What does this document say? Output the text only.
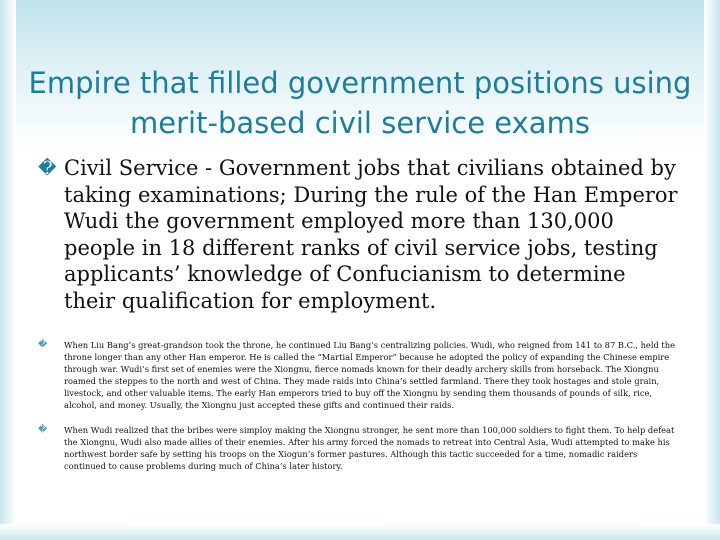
Empire that filled government positions using merit-based civil service exams
� Civil Service - Government jobs that civilians obtained by taking examinations; During the rule of the Han Emperor Wudi the government employed more than 130,000 people in 18 different ranks of civil service jobs, testing applicants’ knowledge of Confucianism to determine their qualification for employment.
�	When Liu Bang’s great-grandson took the throne, he continued Liu Bang’s centralizing policies. Wudi, who reigned from 141 to 87 B.C., held the throne longer than any other Han emperor. He is called the “Martial Emperor” because he adopted the policy of expanding the Chinese empire through war. Wudi’s first set of enemies were the Xiongnu, fierce nomads known for their deadly archery skills from horseback. The Xiongnu roamed the steppes to the north and west of China. They made raids into China’s settled farmland. There they took hostages and stole grain, livestock, and other valuable items. The early Han emperors tried to buy off the Xiongnu by sending them thousands of pounds of silk, rice, alcohol, and money. Usually, the Xiongnu just accepted these gifts and continued their raids.
�	When Wudi realized that the bribes were simploy making the Xiongnu stronger, he sent more than 100,000 soldiers to fight them. To help defeat the Xiongnu, Wudi also made allies of their enemies. After his army forced the nomads to retreat into Central Asia, Wudi attempted to make his northwest border safe by setting his troops on the Xiogun’s former pastures. Although this tactic succeeded for a time, nomadic raiders continued to cause problems during much of China’s later history.
